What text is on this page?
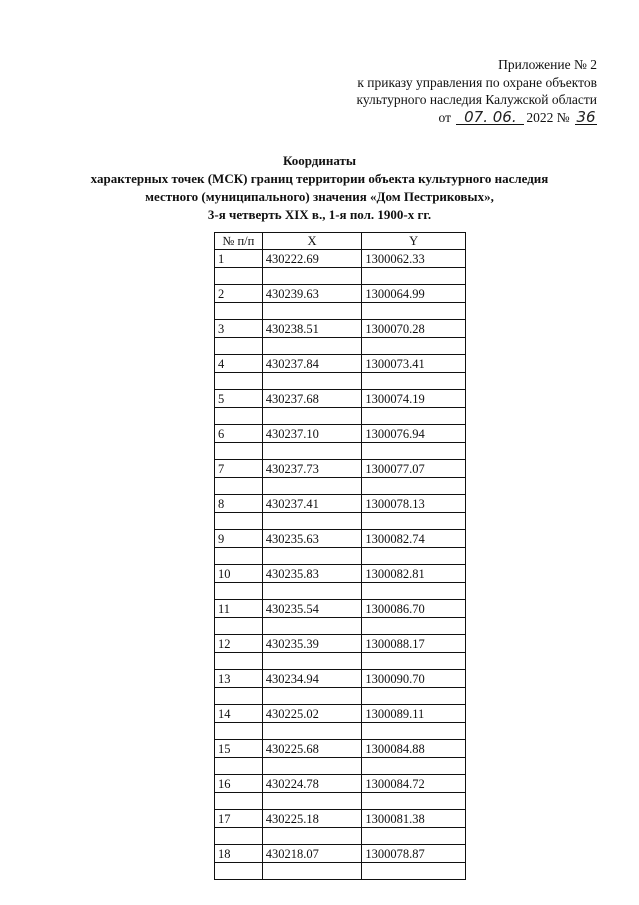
Приложение № 2
к приказу управления по охране объектов
культурного наследия Калужской области
от 07. 06. 2022 № 36
Координаты
характерных точек (МСК) границ территории объекта культурного наследия
местного (муниципального) значения «Дом Пестриковых»,
3-я четверть XIX в., 1-я пол. 1900-х гг.
№ п/п	X	Y
1	430222.69	1300062.33

2	430239.63	1300064.99

3	430238.51	1300070.28

4	430237.84	1300073.41

5	430237.68	1300074.19

6	430237.10	1300076.94

7	430237.73	1300077.07

8	430237.41	1300078.13

9	430235.63	1300082.74

10	430235.83	1300082.81

11	430235.54	1300086.70

12	430235.39	1300088.17

13	430234.94	1300090.70

14	430225.02	1300089.11

15	430225.68	1300084.88

16	430224.78	1300084.72

17	430225.18	1300081.38

18	430218.07	1300078.87
